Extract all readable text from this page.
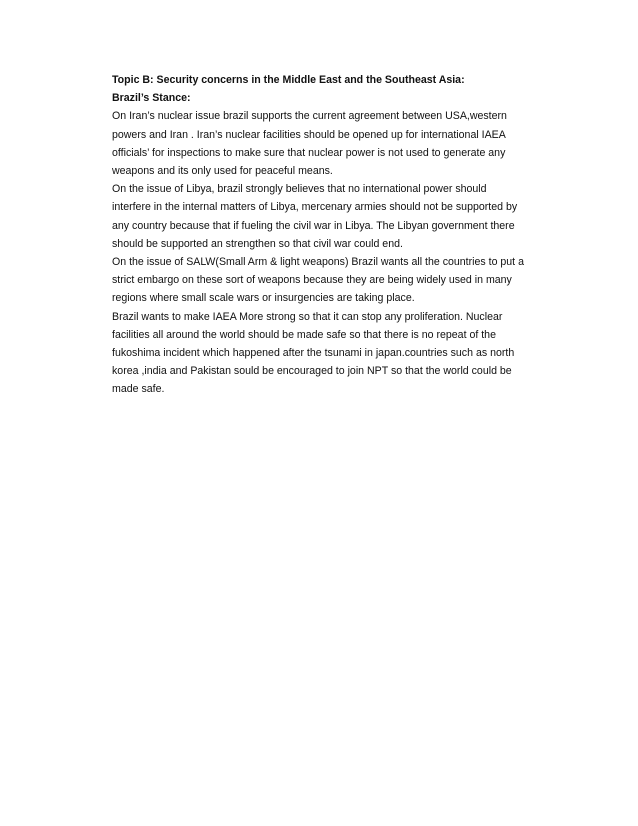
Topic B: Security concerns in the Middle East and the Southeast Asia:
Brazil’s Stance:
On Iran’s nuclear issue brazil supports the current agreement between USA,western
powers and Iran . Iran’s nuclear facilities should be opened up for international IAEA
officials’ for inspections to make sure that nuclear power is not used to generate any
weapons and its only used for peaceful means.
On the issue of Libya, brazil strongly believes that no international power should
interfere in the internal matters of Libya, mercenary armies should not be supported by
any country because that if fueling the civil war in Libya. The Libyan government there
should be supported an strengthen so that civil war could end.
On the issue of SALW(Small Arm & light weapons) Brazil wants all the countries to put a
strict embargo on these sort of weapons because they are being widely used in many
regions where small scale wars or insurgencies are taking place.
Brazil wants to make IAEA More strong so that it can stop any proliferation. Nuclear
facilities all around the world should be made safe so that there is no repeat of the
fukoshima incident which happened after the tsunami in japan.countries such as north
korea ,india and Pakistan sould be encouraged to join NPT so that the world could be
made safe.
